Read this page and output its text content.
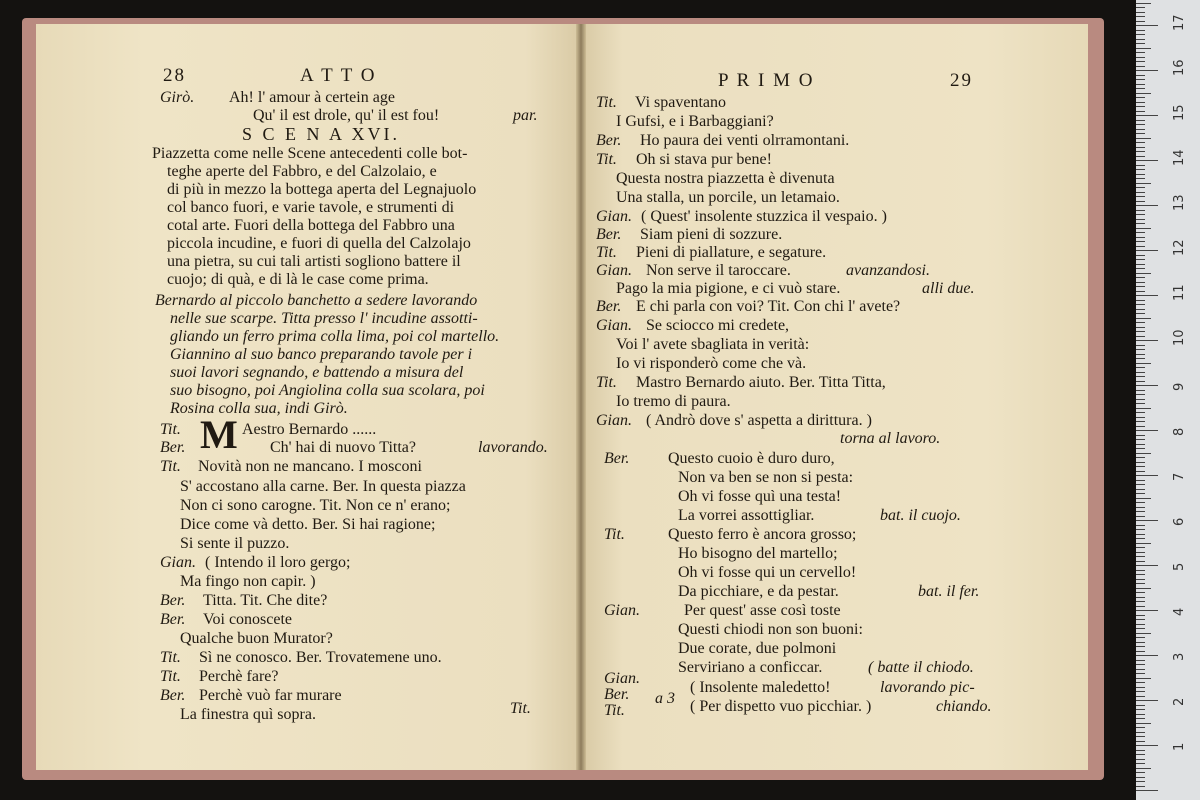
28	A T T O
Girò. Ah! l' amour à certein age
Qu' il est drole, qu' il est fou!	par.
S C E N A XVI.
Piazzetta come nelle Scene antecedenti colle bot-
teghe aperte del Fabbro, e del Calzolaio, e
di più in mezzo la bottega aperta del Legnajuolo
col banco fuori, e varie tavole, e strumenti di
cotal arte. Fuori della bottega del Fabbro una
piccola incudine, e fuori di quella del Calzolajo
una pietra, su cui tali artisti sogliono battere il
cuojo; di quà, e di là le case come prima.
Bernardo al piccolo banchetto a sedere lavorando
nelle sue scarpe. Titta presso l' incudine assotti-
gliando un ferro prima colla lima, poi col martello.
Giannino al suo banco preparando tavole per i
suoi lavori segnando, e battendo a misura del
suo bisogno, poi Angiolina colla sua scolara, poi
Rosina colla sua, indi Girò.
Tit. M Aestro Bernardo ......
Ber.	Ch' hai di nuovo Titta?	lavorando.
Tit. Novità non ne mancano. I mosconi
S' accostano alla carne. Ber. In questa piazza
Non ci sono carogne. Tit. Non ce n' erano;
Dice come và detto. Ber. Si hai ragione;
Si sente il puzzo.
Gian. ( Intendo il loro gergo;
Ma fingo non capir. )
Ber. Titta. Tit. Che dite?
Ber. Voi conoscete
Qualche buon Murator?
Tit. Sì ne conosco. Ber. Trovatemene uno.
Tit. Perchè fare?
Ber. Perchè vuò far murare
La finestra quì sopra.	Tit.
P R I M O	29
Tit. Vi spaventano
I Gufsi, e i Barbaggiani?
Ber. Ho paura dei venti olrramontani.
Tit. Oh si stava pur bene!
Questa nostra piazzetta è divenuta
Una stalla, un porcile, un letamaio.
Gian. ( Quest' insolente stuzzica il vespaio. )
Ber. Siam pieni di sozzure.
Tit. Pieni di piallature, e segature.
Gian. Non serve il taroccare.	avanzandosi.
Pago la mia pigione, e ci vuò stare.	alli due.
Ber. E chi parla con voi? Tit. Con chi l' avete?
Gian. Se sciocco mi credete,
Voi l' avete sbagliata in verità:
Io vi risponderò come che và.
Tit. Mastro Bernardo aiuto. Ber. Titta Titta,
Io tremo di paura.
Gian. ( Andrò dove s' aspetta a dirittura. )
torna al lavoro.
Ber. Questo cuoio è duro duro,
Non va ben se non si pesta:
Oh vi fosse quì una testa!
La vorrei assottigliar.	bat. il cuojo.
Tit.	Questo ferro è ancora grosso;
Ho bisogno del martello;
Oh vi fosse qui un cervello!
Da picchiare, e da pestar.	bat. il fer.
Gian.	Per quest' asse così toste
Questi chiodi non son buoni:
Due corate, due polmoni
Serviriano a conficcar.	( batte il chiodo.
Gian.
Ber. a 3
( Insolente maledetto!	lavorando pic-
Tit.	( Per dispetto vuo picchiar. )	chiando.
1
2
3
4
5
6
7
8
9
10
11
12
13
14
15
16
17
